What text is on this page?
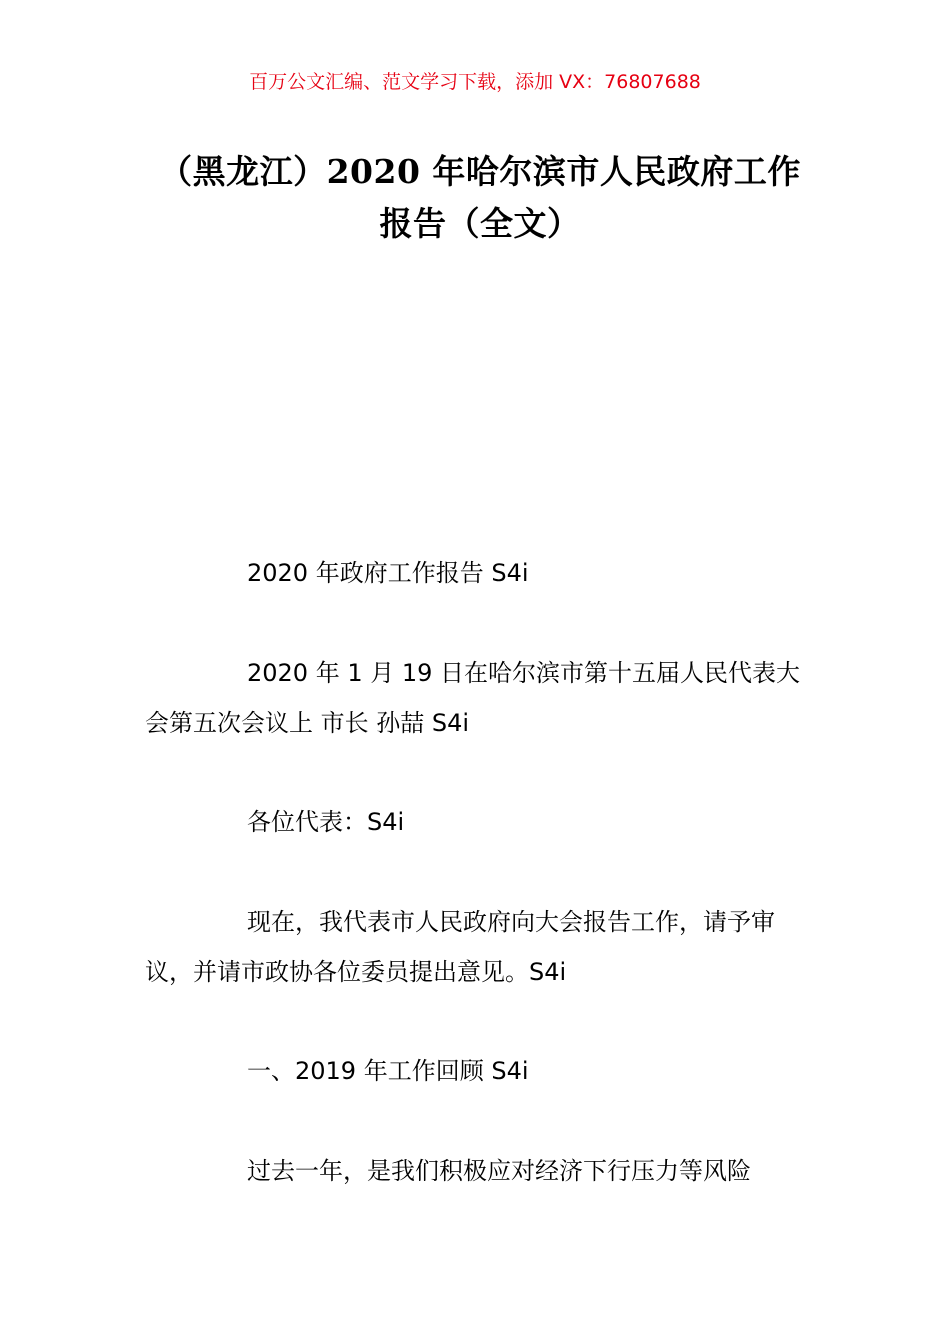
百万公文汇编、范文学习下载，添加 VX：76807688
（黑龙江）2020 年哈尔滨市人民政府工作
报告（全文）

2020 年政府工作报告 S4i

2020 年 1 月 19 日在哈尔滨市第十五届人民代表大会第五次会议上 市长 孙喆 S4i

各位代表：S4i

现在，我代表市人民政府向大会报告工作，请予审议，并请市政协各位委员提出意见。S4i

一、2019 年工作回顾 S4i

过去一年，是我们积极应对经济下行压力等风险
